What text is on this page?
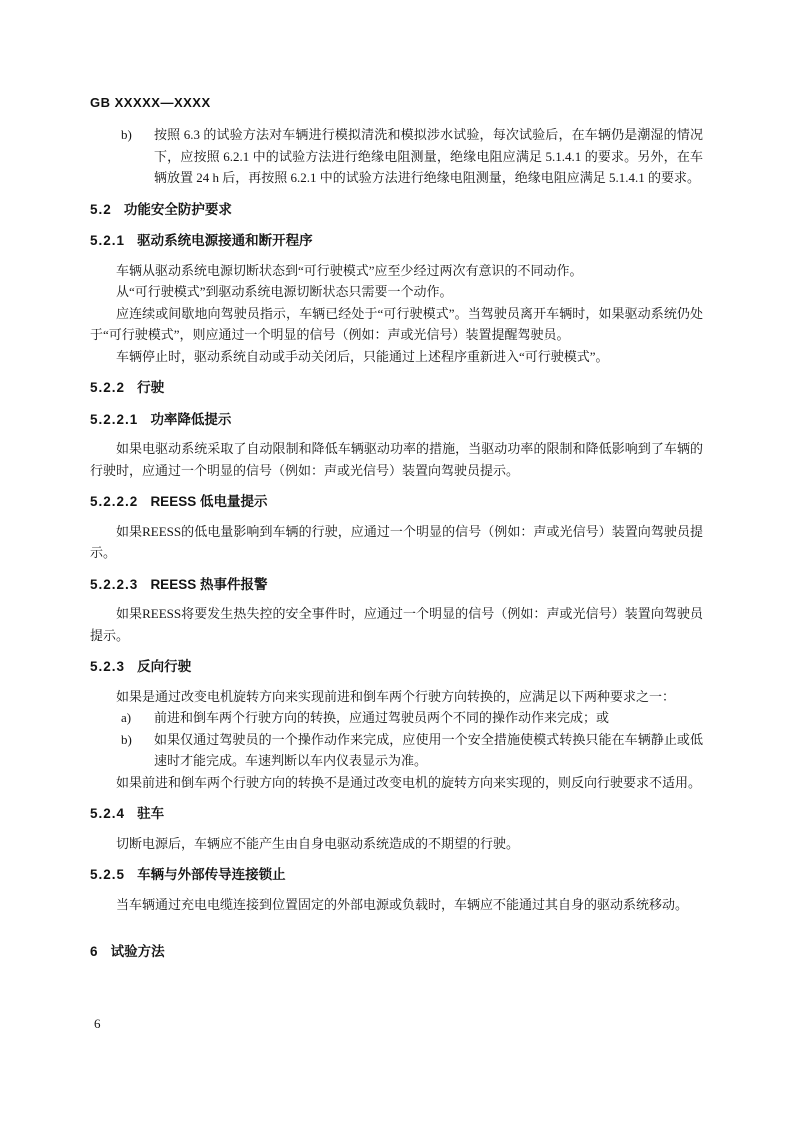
GB XXXXX—XXXX
b) 按照 6.3 的试验方法对车辆进行模拟清洗和模拟涉水试验，每次试验后，在车辆仍是潮湿的情况下，应按照 6.2.1 中的试验方法进行绝缘电阻测量，绝缘电阻应满足 5.1.4.1 的要求。另外，在车辆放置 24 h 后，再按照 6.2.1 中的试验方法进行绝缘电阻测量，绝缘电阻应满足 5.1.4.1 的要求。
5.2 功能安全防护要求
5.2.1 驱动系统电源接通和断开程序

车辆从驱动系统电源切断状态到“可行驶模式”应至少经过两次有意识的不同动作。

从“可行驶模式”到驱动系统电源切断状态只需要一个动作。

应连续或间歇地向驾驶员指示，车辆已经处于“可行驶模式”。当驾驶员离开车辆时，如果驱动系统仍处于“可行驶模式”，则应通过一个明显的信号（例如：声或光信号）装置提醒驾驶员。

车辆停止时，驱动系统自动或手动关闭后，只能通过上述程序重新进入“可行驶模式”。

5.2.2 行驶
5.2.2.1 功率降低提示

如果电驱动系统采取了自动限制和降低车辆驱动功率的措施，当驱动功率的限制和降低影响到了车辆的行驶时，应通过一个明显的信号（例如：声或光信号）装置向驾驶员提示。

5.2.2.2 REESS 低电量提示

如果REESS的低电量影响到车辆的行驶，应通过一个明显的信号（例如：声或光信号）装置向驾驶员提示。

5.2.2.3 REESS 热事件报警

如果REESS将要发生热失控的安全事件时，应通过一个明显的信号（例如：声或光信号）装置向驾驶员提示。

5.2.3 反向行驶

如果是通过改变电机旋转方向来实现前进和倒车两个行驶方向转换的，应满足以下两种要求之一：

a) 前进和倒车两个行驶方向的转换，应通过驾驶员两个不同的操作动作来完成；或
b) 如果仅通过驾驶员的一个操作动作来完成，应使用一个安全措施使模式转换只能在车辆静止或低速时才能完成。车速判断以车内仪表显示为准。

如果前进和倒车两个行驶方向的转换不是通过改变电机的旋转方向来实现的，则反向行驶要求不适用。

5.2.4 驻车

切断电源后，车辆应不能产生由自身电驱动系统造成的不期望的行驶。

5.2.5 车辆与外部传导连接锁止

当车辆通过充电电缆连接到位置固定的外部电源或负载时，车辆应不能通过其自身的驱动系统移动。

6 试验方法
6
